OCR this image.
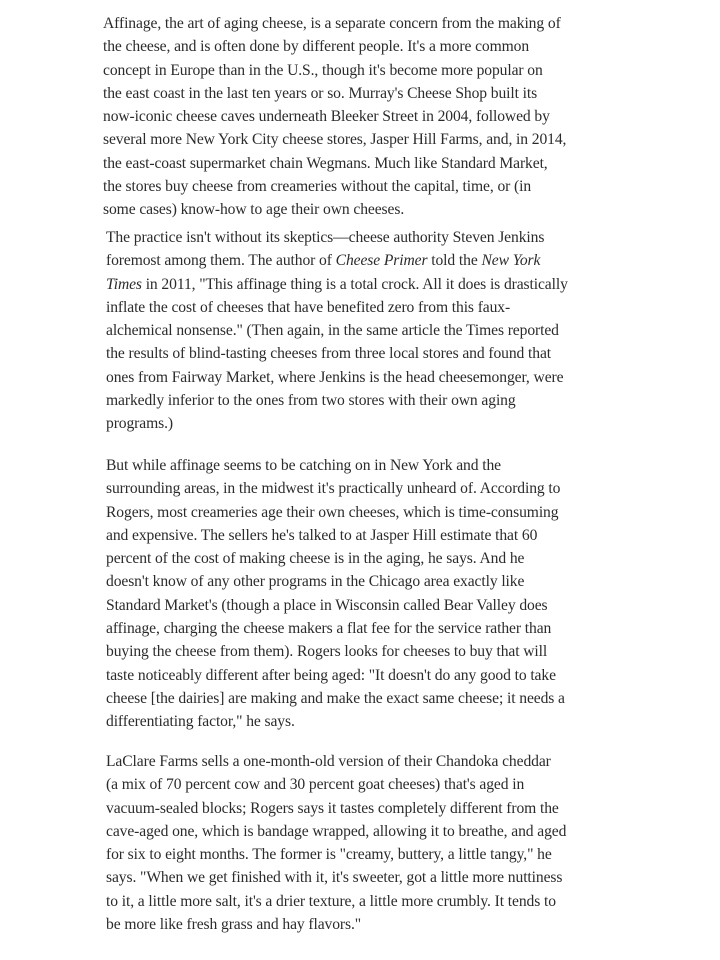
Affinage, the art of aging cheese, is a separate concern from the making of
the cheese, and is often done by different people. It's a more common
concept in Europe than in the U.S., though it's become more popular on
the east coast in the last ten years or so. Murray's Cheese Shop built its
now-iconic cheese caves underneath Bleeker Street in 2004, followed by
several more New York City cheese stores, Jasper Hill Farms, and, in 2014,
the east-coast supermarket chain Wegmans. Much like Standard Market,
the stores buy cheese from creameries without the capital, time, or (in
some cases) know-how to age their own cheeses.

The practice isn't without its skeptics—cheese authority Steven Jenkins
foremost among them. The author of Cheese Primer told the New York
Times in 2011, "This affinage thing is a total crock. All it does is drastically
inflate the cost of cheeses that have benefited zero from this faux-
alchemical nonsense." (Then again, in the same article the Times reported
the results of blind-tasting cheeses from three local stores and found that
ones from Fairway Market, where Jenkins is the head cheesemonger, were
markedly inferior to the ones from two stores with their own aging
programs.)

But while affinage seems to be catching on in New York and the
surrounding areas, in the midwest it's practically unheard of. According to
Rogers, most creameries age their own cheeses, which is time-consuming
and expensive. The sellers he's talked to at Jasper Hill estimate that 60
percent of the cost of making cheese is in the aging, he says. And he
doesn't know of any other programs in the Chicago area exactly like
Standard Market's (though a place in Wisconsin called Bear Valley does
affinage, charging the cheese makers a flat fee for the service rather than
buying the cheese from them). Rogers looks for cheeses to buy that will
taste noticeably different after being aged: "It doesn't do any good to take
cheese [the dairies] are making and make the exact same cheese; it needs a
differentiating factor," he says.

LaClare Farms sells a one-month-old version of their Chandoka cheddar
(a mix of 70 percent cow and 30 percent goat cheeses) that's aged in
vacuum-sealed blocks; Rogers says it tastes completely different from the
cave-aged one, which is bandage wrapped, allowing it to breathe, and aged
for six to eight months. The former is "creamy, buttery, a little tangy," he
says. "When we get finished with it, it's sweeter, got a little more nuttiness
to it, a little more salt, it's a drier texture, a little more crumbly. It tends to
be more like fresh grass and hay flavors."
